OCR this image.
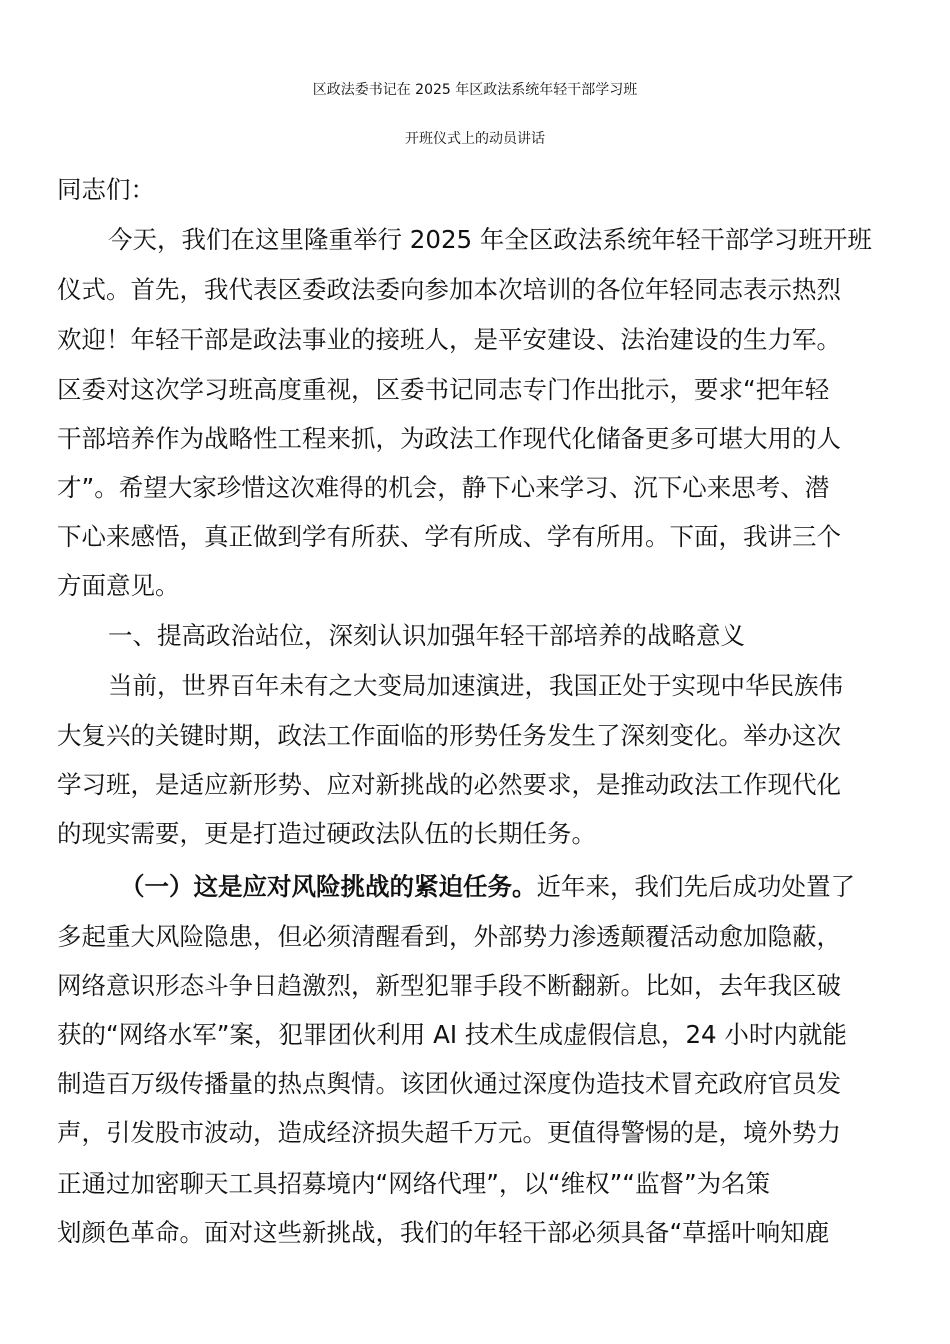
区政法委书记在 2025 年区政法系统年轻干部学习班
开班仪式上的动员讲话

同志们：

今天，我们在这里隆重举行 2025 年全区政法系统年轻干部学习班开班

仪式。首先，我代表区委政法委向参加本次培训的各位年轻同志表示热烈

欢迎！年轻干部是政法事业的接班人，是平安建设、法治建设的生力军。

区委对这次学习班高度重视，区委书记同志专门作出批示，要求“把年轻

干部培养作为战略性工程来抓，为政法工作现代化储备更多可堪大用的人

才”。希望大家珍惜这次难得的机会，静下心来学习、沉下心来思考、潜

下心来感悟，真正做到学有所获、学有所成、学有所用。下面，我讲三个

方面意见。

一、提高政治站位，深刻认识加强年轻干部培养的战略意义

当前，世界百年未有之大变局加速演进，我国正处于实现中华民族伟

大复兴的关键时期，政法工作面临的形势任务发生了深刻变化。举办这次

学习班，是适应新形势、应对新挑战的必然要求，是推动政法工作现代化

的现实需要，更是打造过硬政法队伍的长期任务。

（一）这是应对风险挑战的紧迫任务。近年来，我们先后成功处置了

多起重大风险隐患，但必须清醒看到，外部势力渗透颠覆活动愈加隐蔽，

网络意识形态斗争日趋激烈，新型犯罪手段不断翻新。比如，去年我区破

获的“网络水军”案，犯罪团伙利用 AI 技术生成虚假信息，24 小时内就能

制造百万级传播量的热点舆情。该团伙通过深度伪造技术冒充政府官员发

声，引发股市波动，造成经济损失超千万元。更值得警惕的是，境外势力

正通过加密聊天工具招募境内“网络代理”，以“维权”“监督”为名策

划颜色革命。面对这些新挑战，我们的年轻干部必须具备“草摇叶响知鹿
